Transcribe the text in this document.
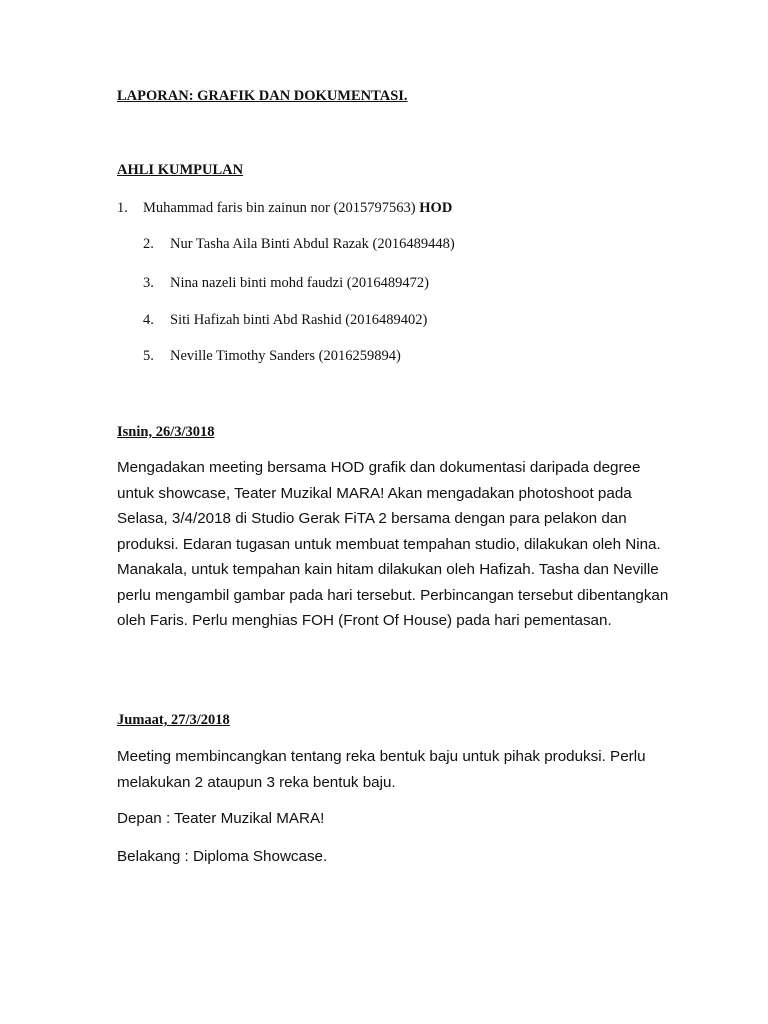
LAPORAN: GRAFIK DAN DOKUMENTASI.
AHLI KUMPULAN
1. Muhammad faris bin zainun nor (2015797563) HOD
2. Nur Tasha Aila Binti Abdul Razak (2016489448)
3. Nina nazeli binti mohd faudzi (2016489472)
4. Siti Hafizah binti Abd Rashid (2016489402)
5. Neville Timothy Sanders (2016259894)
Isnin, 26/3/3018

Mengadakan meeting bersama HOD grafik dan dokumentasi daripada degree untuk showcase, Teater Muzikal MARA! Akan mengadakan photoshoot pada Selasa, 3/4/2018 di Studio Gerak FiTA 2 bersama dengan para pelakon dan produksi. Edaran tugasan untuk membuat tempahan studio, dilakukan oleh Nina. Manakala, untuk tempahan kain hitam dilakukan oleh Hafizah. Tasha dan Neville perlu mengambil gambar pada hari tersebut. Perbincangan tersebut dibentangkan oleh Faris. Perlu menghias FOH (Front Of House) pada hari pementasan.

Jumaat, 27/3/2018

Meeting membincangkan tentang reka bentuk baju untuk pihak produksi. Perlu melakukan 2 ataupun 3 reka bentuk baju.

Depan : Teater Muzikal MARA!
Belakang : Diploma Showcase.
